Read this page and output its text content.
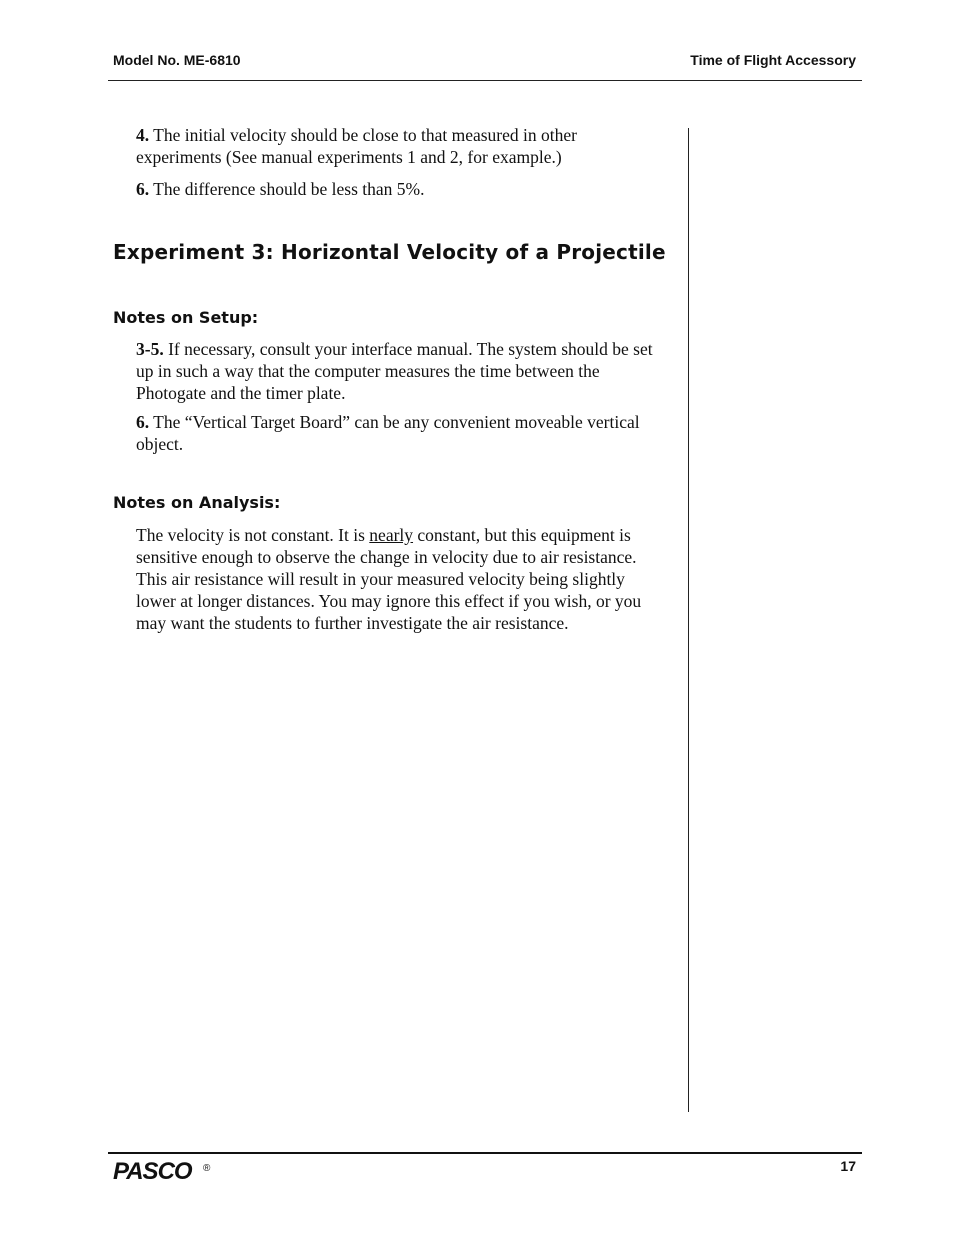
Model No. ME-6810	Time of Flight Accessory
4. The initial velocity should be close to that measured in other experiments (See manual experiments 1 and 2, for example.)
6. The difference should be less than 5%.
Experiment 3: Horizontal Velocity of a Projectile
Notes on Setup:
3-5. If necessary, consult your interface manual. The system should be set up in such a way that the computer measures the time between the Photogate and the timer plate.
6. The “Vertical Target Board” can be any convenient moveable vertical object.
Notes on Analysis:
The velocity is not constant. It is nearly constant, but this equipment is sensitive enough to observe the change in velocity due to air resistance. This air resistance will result in your measured velocity being slightly lower at longer distances. You may ignore this effect if you wish, or you may want the students to further investigate the air resistance.
PASCO ®	17
